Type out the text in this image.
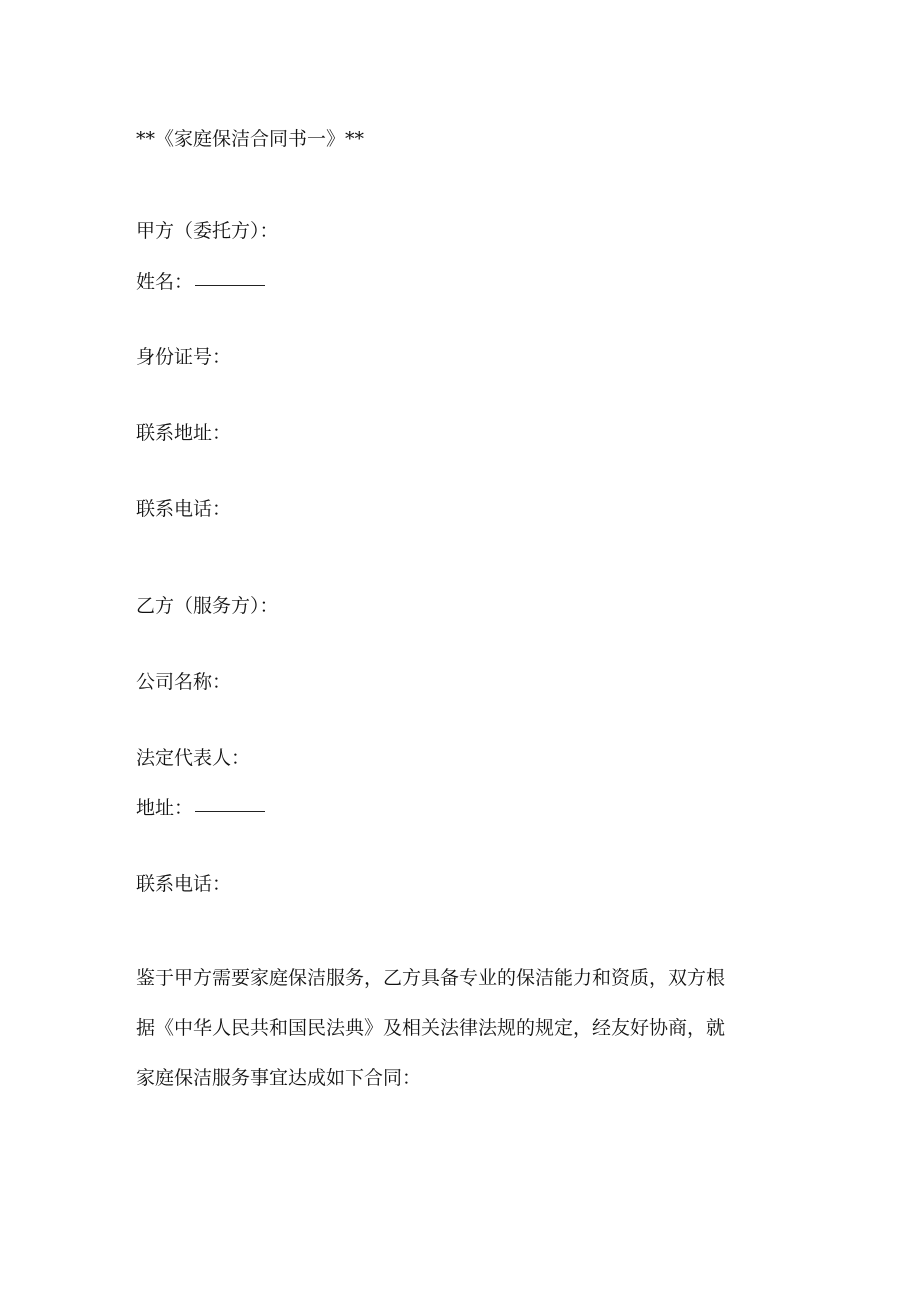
**《家庭保洁合同书一》**

甲方（委托方）：

姓名：

身份证号：

联系地址：

联系电话：

乙方（服务方）：

公司名称：

法定代表人：

地址：

联系电话：

鉴于甲方需要家庭保洁服务，乙方具备专业的保洁能力和资质，双方根
据《中华人民共和国民法典》及相关法律法规的规定，经友好协商，就
家庭保洁服务事宜达成如下合同：
